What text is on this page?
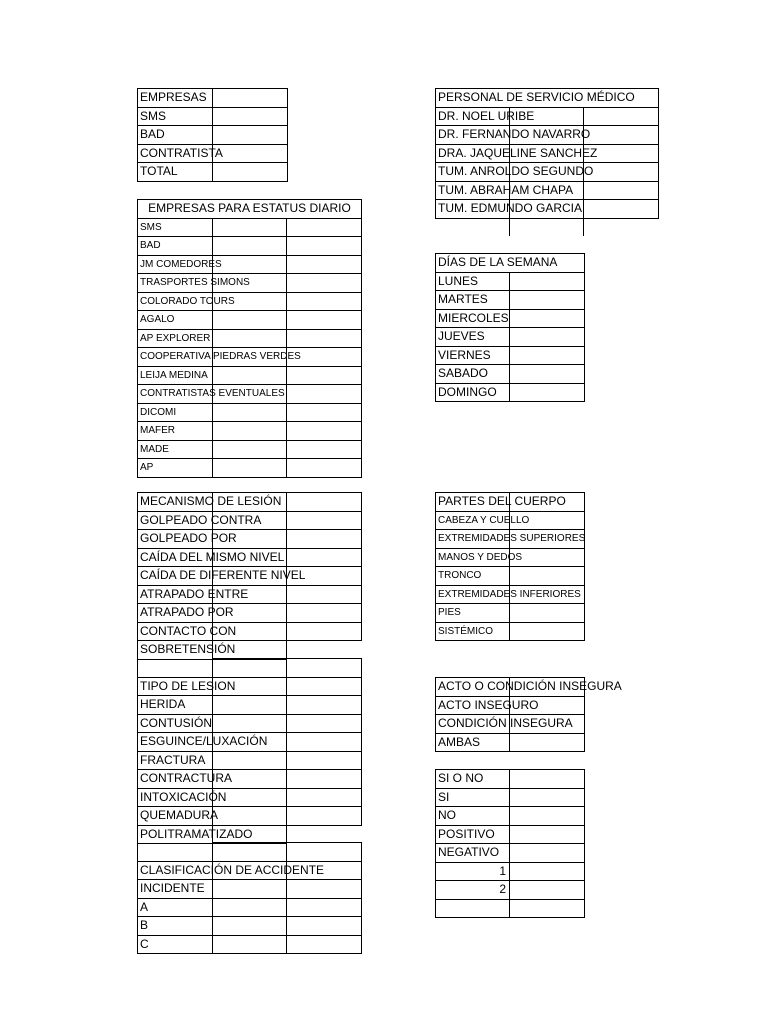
EMPRESAS	
SMS	
BAD	
CONTRATISTA	
TOTAL	
PERSONAL DE SERVICIO MÉDICO		
DR. NOEL URIBE		
DR. FERNANDO NAVARRO		
DRA. JAQUELINE SANCHEZ		
TUM. ANROLDO SEGUNDO		
TUM. ABRAHAM CHAPA		
TUM. EDMUNDO GARCIA		

EMPRESAS PARA ESTATUS DIARIO		
SMS		
BAD		
JM COMEDORES		
TRASPORTES SIMONS		
COLORADO TOURS		
AGALO		
AP EXPLORER		
COOPERATIVA PIEDRAS VERDES		
LEIJA MEDINA		
CONTRATISTAS EVENTUALES		
DICOMI		
MAFER		
MADE		
AP		
DÍAS DE LA SEMANA	
LUNES	
MARTES	
MIERCOLES	
JUEVES	
VIERNES	
SABADO	
DOMINGO	
MECANISMO DE LESIÓN		
GOLPEADO CONTRA		
GOLPEADO POR		
CAÍDA DEL MISMO NIVEL		
CAÍDA DE DIFERENTE NIVEL		
ATRAPADO ENTRE		
ATRAPADO POR		
CONTACTO CON		
SOBRETENSIÓN		
PARTES DEL CUERPO	
CABEZA Y CUELLO	
EXTREMIDADES SUPERIORES	
MANOS Y DEDOS	
TRONCO	
EXTREMIDADES INFERIORES	
PIES	
SISTÉMICO	

TIPO DE LESION		
HERIDA		
CONTUSIÓN		
ESGUINCE/LUXACIÓN		
FRACTURA		
CONTRACTURA		
INTOXICACIÓN		
QUEMADURA		
POLITRAMATIZADO		
ACTO O CONDICIÓN INSEGURA	
ACTO INSEGURO	
CONDICIÓN INSEGURA	
AMBAS	
SI O NO	
SI	
NO	
POSITIVO	
NEGATIVO	
1	
2	

CLASIFICACIÓN DE ACCIDENTE		
INCIDENTE		
A		
B		
C		
